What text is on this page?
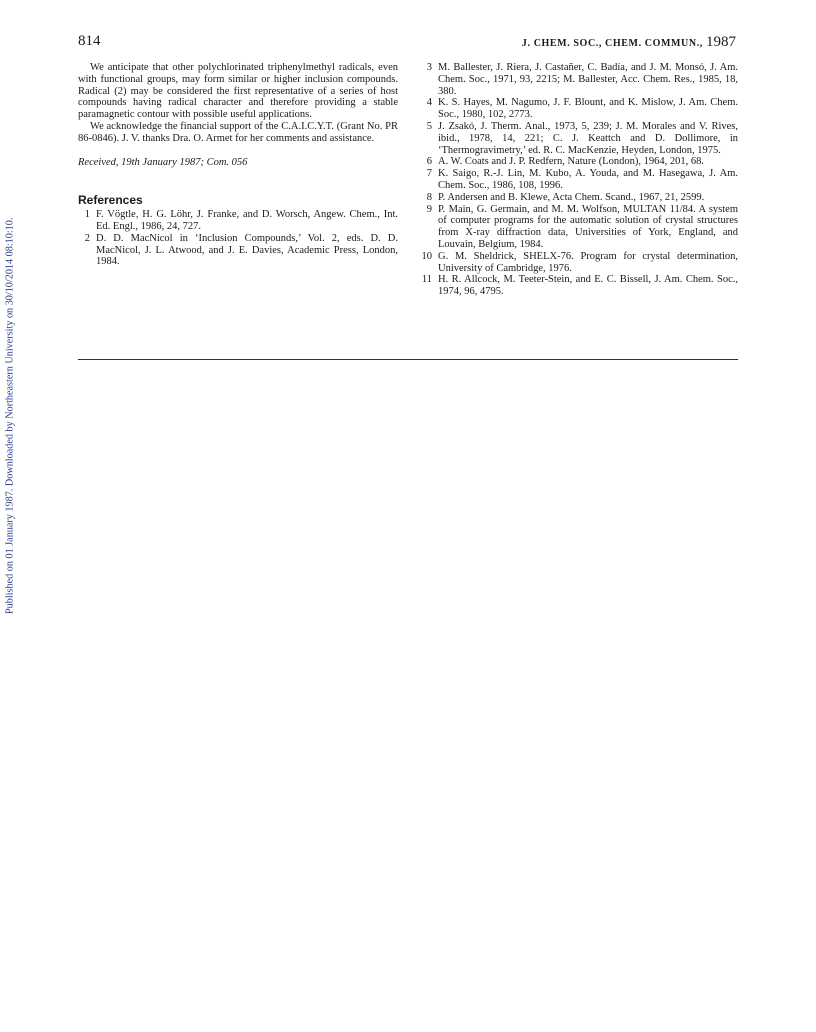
Published on 01 January 1987. Downloaded by Northeastern University on 30/10/2014 08:10:10.
814	J. CHEM. SOC., CHEM. COMMUN., 1987

We anticipate that other polychlorinated triphenylmethyl radicals, even with functional groups, may form similar or higher inclusion compounds. Radical (2) may be considered the first representative of a series of host compounds having radical character and therefore providing a stable paramagnetic contour with possible useful applications.

We acknowledge the financial support of the C.A.I.C.Y.T. (Grant No. PR 86-0846). J. V. thanks Dra. O. Armet for her comments and assistance.

Received, 19th January 1987; Com. 056

References
1 F. Vögtle, H. G. Löhr, J. Franke, and D. Worsch, Angew. Chem., Int. Ed. Engl., 1986, 24, 727.
2 D. D. MacNicol in ‘Inclusion Compounds,’ Vol. 2, eds. D. D. MacNicol, J. L. Atwood, and J. E. Davies, Academic Press, London, 1984.
3 M. Ballester, J. Riera, J. Castañer, C. Badía, and J. M. Monsó, J. Am. Chem. Soc., 1971, 93, 2215; M. Ballester, Acc. Chem. Res., 1985, 18, 380.
4 K. S. Hayes, M. Nagumo, J. F. Blount, and K. Mislow, J. Am. Chem. Soc., 1980, 102, 2773.
5 J. Zsakó, J. Therm. Anal., 1973, 5, 239; J. M. Morales and V. Rives, ibid., 1978, 14, 221; C. J. Keattch and D. Dollimore, in ‘Thermogravimetry,’ ed. R. C. MacKenzie, Heyden, London, 1975.
6 A. W. Coats and J. P. Redfern, Nature (London), 1964, 201, 68.
7 K. Saigo, R.-J. Lin, M. Kubo, A. Youda, and M. Hasegawa, J. Am. Chem. Soc., 1986, 108, 1996.
8 P. Andersen and B. Klewe, Acta Chem. Scand., 1967, 21, 2599.
9 P. Main, G. Germain, and M. M. Wolfson, MULTAN 11/84. A system of computer programs for the automatic solution of crystal structures from X-ray diffraction data, Universities of York, England, and Louvain, Belgium, 1984.
10 G. M. Sheldrick, SHELX-76. Program for crystal determination, University of Cambridge, 1976.
11 H. R. Allcock, M. Teeter-Stein, and E. C. Bissell, J. Am. Chem. Soc., 1974, 96, 4795.
